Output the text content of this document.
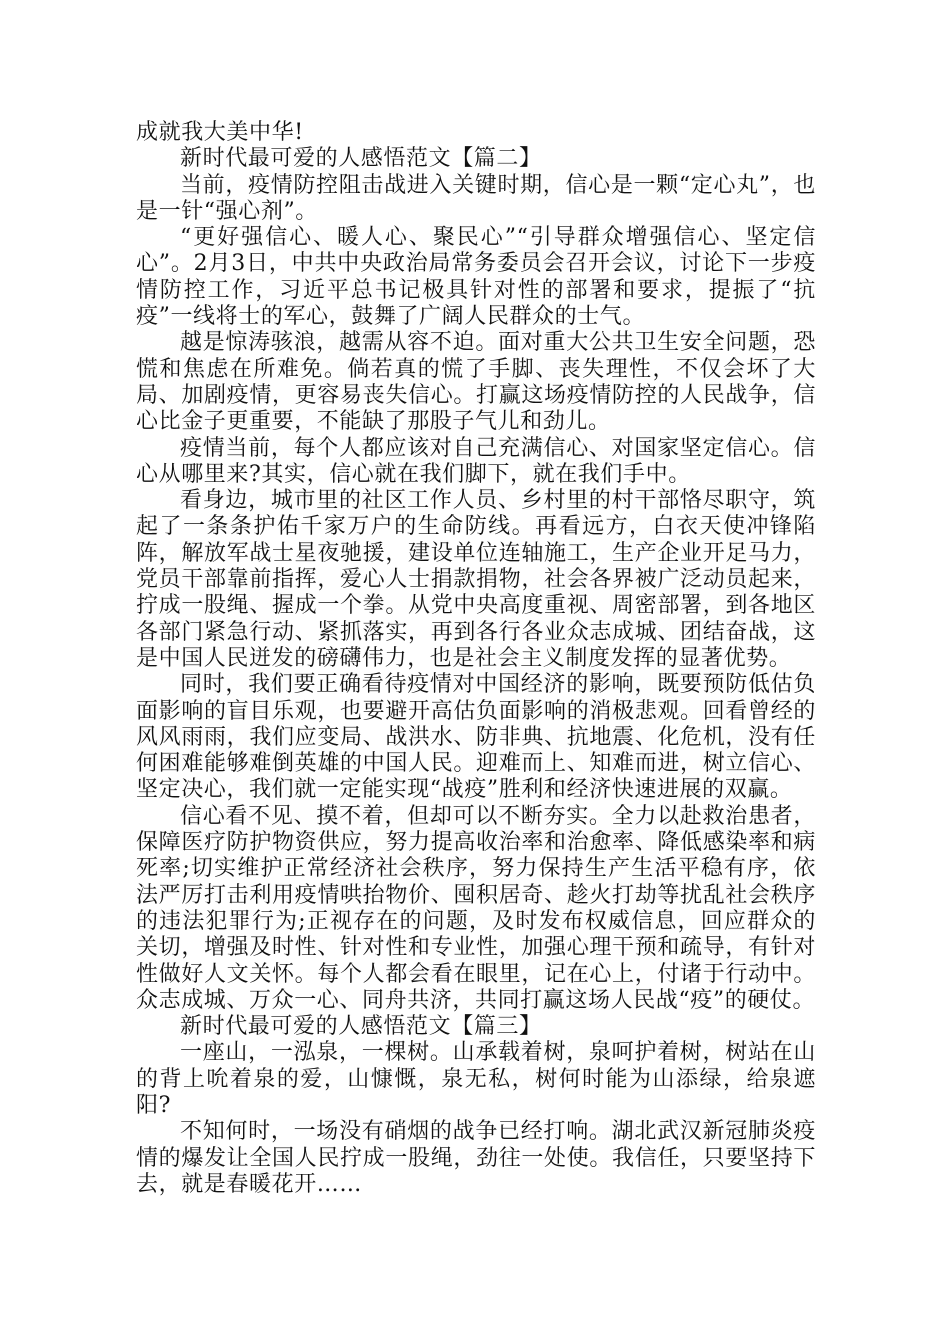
成就我大美中华!

新时代最可爱的人感悟范文【篇二】

当前，疫情防控阻击战进入关键时期，信心是一颗“定心丸”，也是一针“强心剂”。

“更好强信心、暖人心、聚民心”“引导群众增强信心、坚定信心”。2月3日，中共中央政治局常务委员会召开会议，讨论下一步疫情防控工作，习近平总书记极具针对性的部署和要求，提振了“抗疫”一线将士的军心，鼓舞了广阔人民群众的士气。

越是惊涛骇浪，越需从容不迫。面对重大公共卫生安全问题，恐慌和焦虑在所难免。倘若真的慌了手脚、丧失理性，不仅会坏了大局、加剧疫情，更容易丧失信心。打赢这场疫情防控的人民战争，信心比金子更重要，不能缺了那股子气儿和劲儿。

疫情当前，每个人都应该对自己充满信心、对国家坚定信心。信心从哪里来?其实，信心就在我们脚下，就在我们手中。

看身边，城市里的社区工作人员、乡村里的村干部恪尽职守，筑起了一条条护佑千家万户的生命防线。再看远方，白衣天使冲锋陷阵，解放军战士星夜驰援，建设单位连轴施工，生产企业开足马力，党员干部靠前指挥，爱心人士捐款捐物，社会各界被广泛动员起来，拧成一股绳、握成一个拳。从党中央高度重视、周密部署，到各地区各部门紧急行动、紧抓落实，再到各行各业众志成城、团结奋战，这是中国人民迸发的磅礴伟力，也是社会主义制度发挥的显著优势。

同时，我们要正确看待疫情对中国经济的影响，既要预防低估负面影响的盲目乐观，也要避开高估负面影响的消极悲观。回看曾经的风风雨雨，我们应变局、战洪水、防非典、抗地震、化危机，没有任何困难能够难倒英雄的中国人民。迎难而上、知难而进，树立信心、坚定决心，我们就一定能实现“战疫”胜利和经济快速进展的双赢。

信心看不见、摸不着，但却可以不断夯实。全力以赴救治患者，保障医疗防护物资供应，努力提高收治率和治愈率、降低感染率和病死率;切实维护正常经济社会秩序，努力保持生产生活平稳有序，依法严厉打击利用疫情哄抬物价、囤积居奇、趁火打劫等扰乱社会秩序的违法犯罪行为;正视存在的问题，及时发布权威信息，回应群众的关切，增强及时性、针对性和专业性，加强心理干预和疏导，有针对性做好人文关怀。每个人都会看在眼里，记在心上，付诸于行动中。众志成城、万众一心、同舟共济，共同打赢这场人民战“疫”的硬仗。

新时代最可爱的人感悟范文【篇三】

一座山，一泓泉，一棵树。山承载着树，泉呵护着树，树站在山的背上吮着泉的爱，山慷慨，泉无私，树何时能为山添绿，给泉遮阳?

不知何时，一场没有硝烟的战争已经打响。湖北武汉新冠肺炎疫情的爆发让全国人民拧成一股绳，劲往一处使。我信任，只要坚持下去，就是春暖花开……
